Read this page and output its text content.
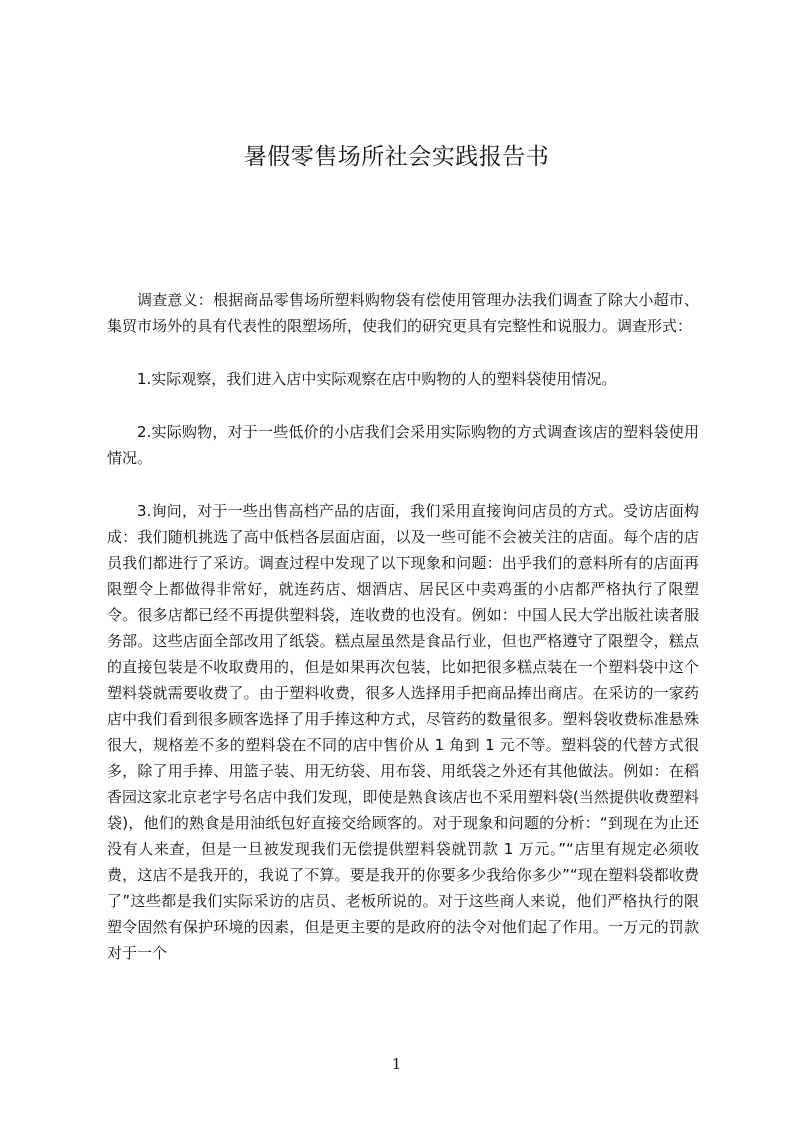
暑假零售场所社会实践报告书

调查意义：根据商品零售场所塑料购物袋有偿使用管理办法我们调查了除大小超市、集贸市场外的具有代表性的限塑场所，使我们的研究更具有完整性和说服力。调查形式：

1.实际观察，我们进入店中实际观察在店中购物的人的塑料袋使用情况。

2.实际购物，对于一些低价的小店我们会采用实际购物的方式调查该店的塑料袋使用情况。

3.询问，对于一些出售高档产品的店面，我们采用直接询问店员的方式。受访店面构成：我们随机挑选了高中低档各层面店面，以及一些可能不会被关注的店面。每个店的店员我们都进行了采访。调查过程中发现了以下现象和问题：出乎我们的意料所有的店面再限塑令上都做得非常好，就连药店、烟酒店、居民区中卖鸡蛋的小店都严格执行了限塑令。很多店都已经不再提供塑料袋，连收费的也没有。例如：中国人民大学出版社读者服务部。这些店面全部改用了纸袋。糕点屋虽然是食品行业，但也严格遵守了限塑令，糕点的直接包装是不收取费用的，但是如果再次包装，比如把很多糕点装在一个塑料袋中这个塑料袋就需要收费了。由于塑料收费，很多人选择用手把商品捧出商店。在采访的一家药店中我们看到很多顾客选择了用手捧这种方式，尽管药的数量很多。塑料袋收费标准悬殊很大，规格差不多的塑料袋在不同的店中售价从 1 角到 1 元不等。塑料袋的代替方式很多，除了用手捧、用篮子装、用无纺袋、用布袋、用纸袋之外还有其他做法。例如：在稻香园这家北京老字号名店中我们发现，即使是熟食该店也不采用塑料袋(当然提供收费塑料袋)，他们的熟食是用油纸包好直接交给顾客的。对于现象和问题的分析：“到现在为止还没有人来查，但是一旦被发现我们无偿提供塑料袋就罚款 1 万元。”“店里有规定必须收费，这店不是我开的，我说了不算。要是我开的你要多少我给你多少”“现在塑料袋都收费了”这些都是我们实际采访的店员、老板所说的。对于这些商人来说，他们严格执行的限塑令固然有保护环境的因素，但是更主要的是政府的法令对他们起了作用。一万元的罚款对于一个

1
